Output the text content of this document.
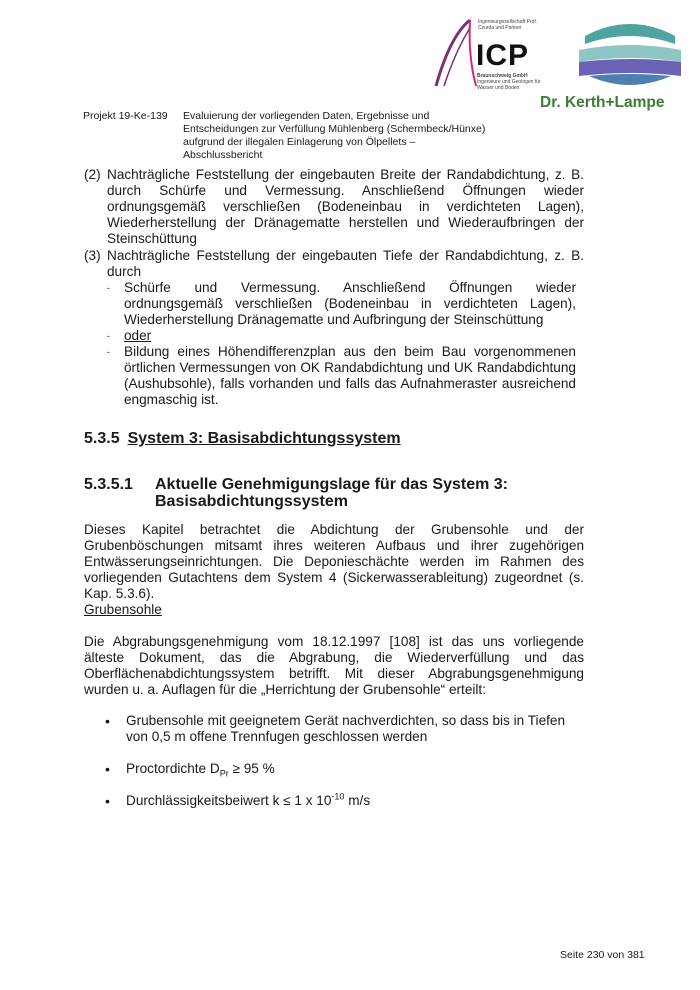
Ingenieurgesellschaft Prof. Czurda und Partner
ICP
Braunschweig GmbH
Ingenieure und Geologen für Wasser und Boden
Dr. Kerth+Lampe
Projekt 19-Ke-139 Evaluierung der vorliegenden Daten, Ergebnisse und Entscheidungen zur Verfüllung Mühlenberg (Schermbeck/Hünxe) aufgrund der illegalen Einlagerung von Ölpellets – Abschlussbericht
(2) Nachträgliche Feststellung der eingebauten Breite der Randabdichtung, z. B. durch Schürfe und Vermessung. Anschließend Öffnungen wieder ordnungsgemäß verschließen (Bodeneinbau in verdichteten Lagen), Wiederherstellung der Dränagematte herstellen und Wiederaufbringen der Steinschüttung
(3) Nachträgliche Feststellung der eingebauten Tiefe der Randabdichtung, z. B. durch
- Schürfe und Vermessung. Anschließend Öffnungen wieder ordnungsgemäß verschließen (Bodeneinbau in verdichteten Lagen), Wiederherstellung Dränagematte und Aufbringung der Steinschüttung
- oder
- Bildung eines Höhendifferenzplan aus den beim Bau vorgenommenen örtlichen Vermessungen von OK Randabdichtung und UK Randabdichtung (Aushubsohle), falls vorhanden und falls das Aufnahmeraster ausreichend engmaschig ist.
5.3.5 System 3: Basisabdichtungssystem
5.3.5.1 Aktuelle Genehmigungslage für das System 3: Basisabdichtungssystem
Dieses Kapitel betrachtet die Abdichtung der Grubensohle und der Grubenböschungen mitsamt ihres weiteren Aufbaus und ihrer zugehörigen Entwässerungseinrichtungen. Die Deponieschächte werden im Rahmen des vorliegenden Gutachtens dem System 4 (Sickerwasserableitung) zugeordnet (s. Kap. 5.3.6).
Grubensohle
Die Abgrabungsgenehmigung vom 18.12.1997 [108] ist das uns vorliegende älteste Dokument, das die Abgrabung, die Wiederverfüllung und das Oberflächenabdichtungssystem betrifft. Mit dieser Abgrabungsgenehmigung wurden u. a. Auflagen für die „Herrichtung der Grubensohle“ erteilt:
• Grubensohle mit geeignetem Gerät nachverdichten, so dass bis in Tiefen von 0,5 m offene Trennfugen geschlossen werden
• Proctordichte $D_{Pr} \ge 95$ %
• Durchlässigkeitsbeiwert k ≤ 1 x $10^{-10}$ m/s
Seite 230 von 381
